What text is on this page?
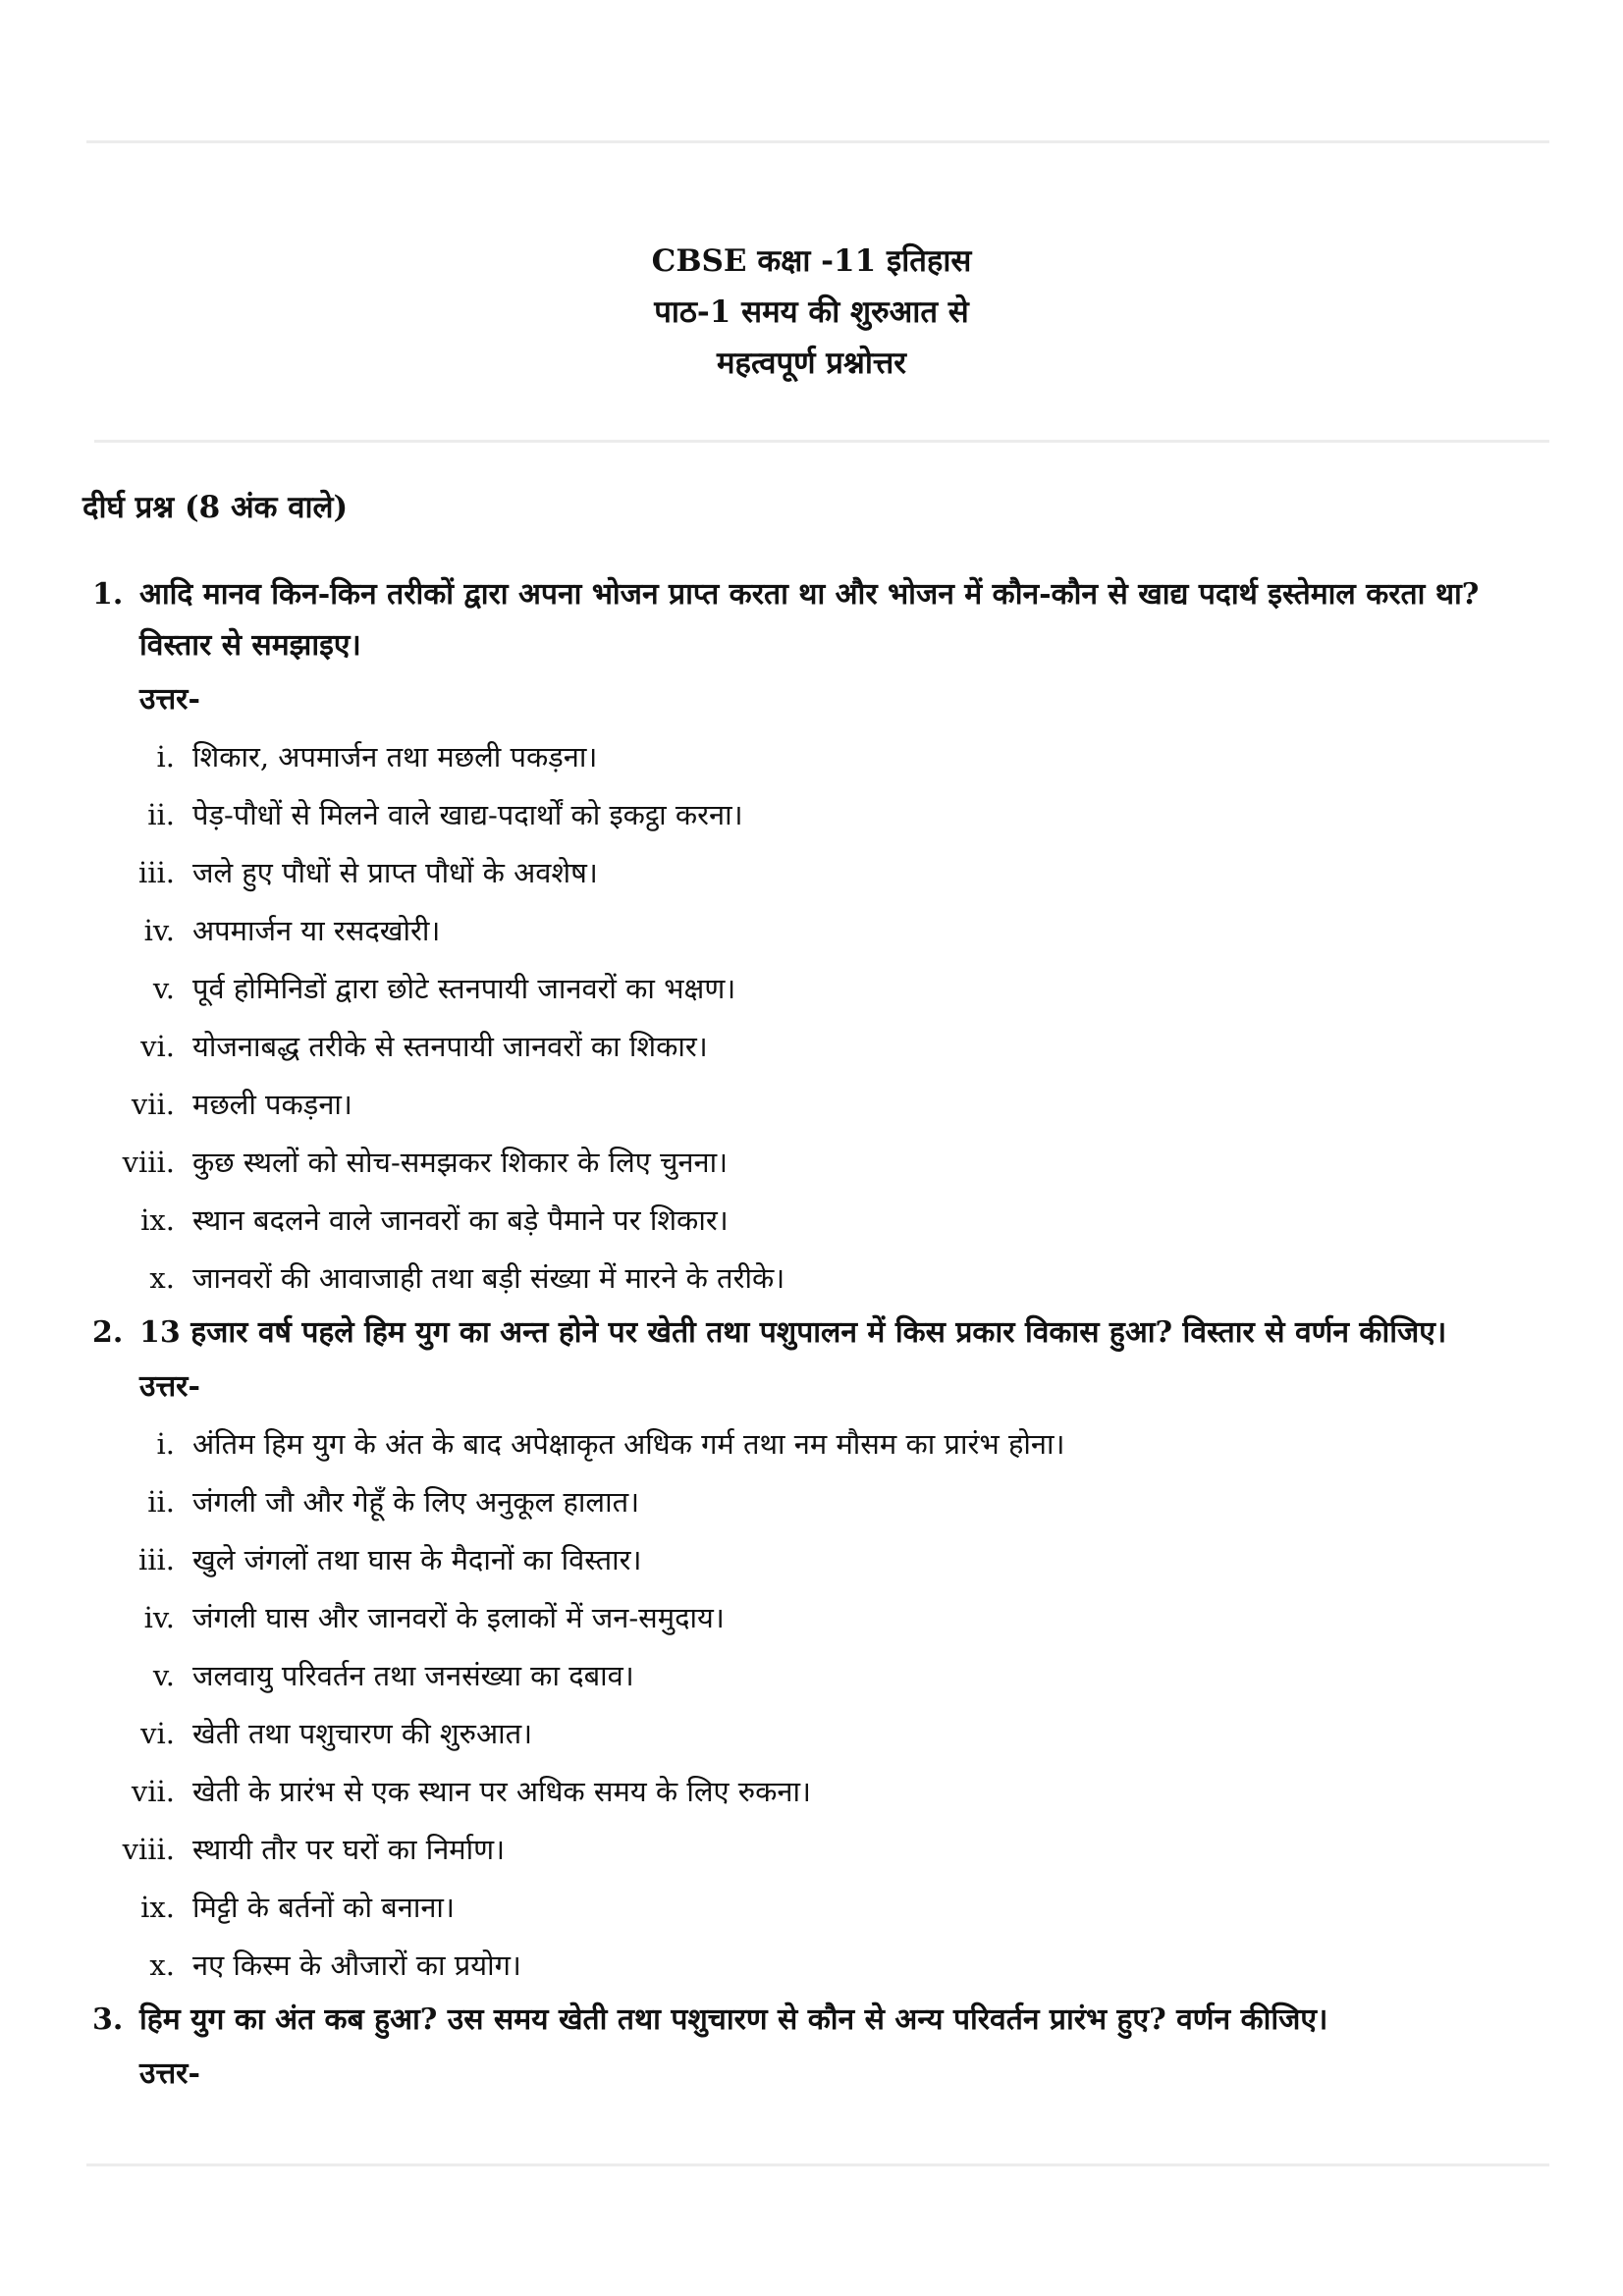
CBSE कक्षा -11 इतिहास
पाठ-1 समय की शुरुआत से
महत्वपूर्ण प्रश्नोत्तर
दीर्घ प्रश्न (8 अंक वाले)
1. आदि मानव किन-किन तरीकों द्वारा अपना भोजन प्राप्त करता था और भोजन में कौन-कौन से खाद्य पदार्थ इस्तेमाल करता था? विस्तार से समझाइए।
उत्तर-
i. शिकार, अपमार्जन तथा मछली पकड़ना।
ii. पेड़-पौधों से मिलने वाले खाद्य-पदार्थों को इकट्ठा करना।
iii. जले हुए पौधों से प्राप्त पौधों के अवशेष।
iv. अपमार्जन या रसदखोरी।
v. पूर्व होमिनिडों द्वारा छोटे स्तनपायी जानवरों का भक्षण।
vi. योजनाबद्ध तरीके से स्तनपायी जानवरों का शिकार।
vii. मछली पकड़ना।
viii. कुछ स्थलों को सोच-समझकर शिकार के लिए चुनना।
ix. स्थान बदलने वाले जानवरों का बड़े पैमाने पर शिकार।
x. जानवरों की आवाजाही तथा बड़ी संख्या में मारने के तरीके।
2. 13 हजार वर्ष पहले हिम युग का अन्त होने पर खेती तथा पशुपालन में किस प्रकार विकास हुआ? विस्तार से वर्णन कीजिए।
उत्तर-
i. अंतिम हिम युग के अंत के बाद अपेक्षाकृत अधिक गर्म तथा नम मौसम का प्रारंभ होना।
ii. जंगली जौ और गेहूँ के लिए अनुकूल हालात।
iii. खुले जंगलों तथा घास के मैदानों का विस्तार।
iv. जंगली घास और जानवरों के इलाकों में जन-समुदाय।
v. जलवायु परिवर्तन तथा जनसंख्या का दबाव।
vi. खेती तथा पशुचारण की शुरुआत।
vii. खेती के प्रारंभ से एक स्थान पर अधिक समय के लिए रुकना।
viii. स्थायी तौर पर घरों का निर्माण।
ix. मिट्टी के बर्तनों को बनाना।
x. नए किस्म के औजारों का प्रयोग।
3. हिम युग का अंत कब हुआ? उस समय खेती तथा पशुचारण से कौन से अन्य परिवर्तन प्रारंभ हुए? वर्णन कीजिए।
उत्तर-
